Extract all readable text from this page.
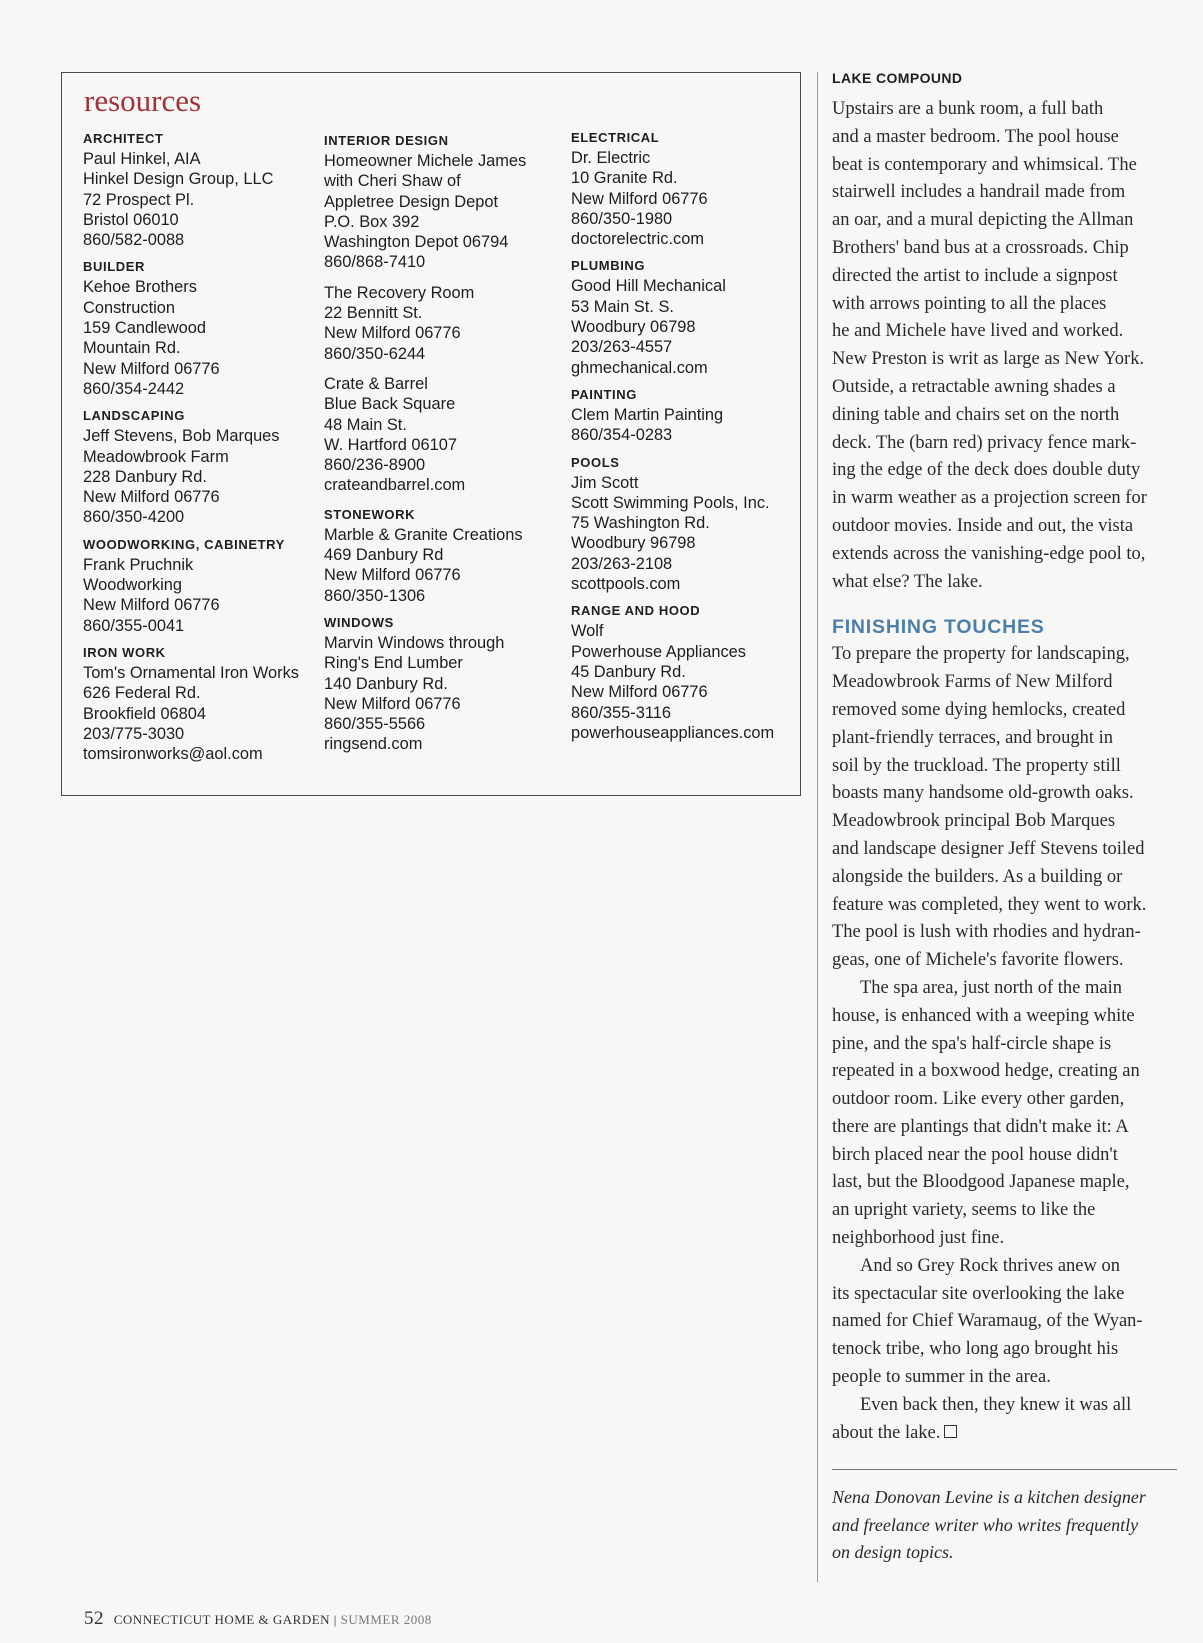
resources
ARCHITECT
Paul Hinkel, AIA
Hinkel Design Group, LLC
72 Prospect Pl.
Bristol 06010
860/582-0088
BUILDER
Kehoe Brothers
Construction
159 Candlewood
Mountain Rd.
New Milford 06776
860/354-2442
LANDSCAPING
Jeff Stevens, Bob Marques
Meadowbrook Farm
228 Danbury Rd.
New Milford 06776
860/350-4200
WOODWORKING, CABINETRY
Frank Pruchnik
Woodworking
New Milford 06776
860/355-0041
IRON WORK
Tom's Ornamental Iron Works
626 Federal Rd.
Brookfield 06804
203/775-3030
tomsironworks@aol.com
INTERIOR DESIGN
Homeowner Michele James
with Cheri Shaw of
Appletree Design Depot
P.O. Box 392
Washington Depot 06794
860/868-7410
The Recovery Room
22 Bennitt St.
New Milford 06776
860/350-6244
Crate & Barrel
Blue Back Square
48 Main St.
W. Hartford 06107
860/236-8900
crateandbarrel.com
STONEWORK
Marble & Granite Creations
469 Danbury Rd
New Milford 06776
860/350-1306
WINDOWS
Marvin Windows through
Ring's End Lumber
140 Danbury Rd.
New Milford 06776
860/355-5566
ringsend.com
ELECTRICAL
Dr. Electric
10 Granite Rd.
New Milford 06776
860/350-1980
doctorelectric.com
PLUMBING
Good Hill Mechanical
53 Main St. S.
Woodbury 06798
203/263-4557
ghmechanical.com
PAINTING
Clem Martin Painting
860/354-0283
POOLS
Jim Scott
Scott Swimming Pools, Inc.
75 Washington Rd.
Woodbury 96798
203/263-2108
scottpools.com
RANGE AND HOOD
Wolf
Powerhouse Appliances
45 Danbury Rd.
New Milford 06776
860/355-3116
powerhouseappliances.com
LAKE COMPOUND
Upstairs are a bunk room, a full bath
and a master bedroom. The pool house
beat is contemporary and whimsical. The
stairwell includes a handrail made from
an oar, and a mural depicting the Allman
Brothers' band bus at a crossroads. Chip
directed the artist to include a signpost
with arrows pointing to all the places
he and Michele have lived and worked.
New Preston is writ as large as New York.
Outside, a retractable awning shades a
dining table and chairs set on the north
deck. The (barn red) privacy fence mark-
ing the edge of the deck does double duty
in warm weather as a projection screen for
outdoor movies. Inside and out, the vista
extends across the vanishing-edge pool to,
what else? The lake.
FINISHING TOUCHES
To prepare the property for landscaping,
Meadowbrook Farms of New Milford
removed some dying hemlocks, created
plant-friendly terraces, and brought in
soil by the truckload. The property still
boasts many handsome old-growth oaks.
Meadowbrook principal Bob Marques
and landscape designer Jeff Stevens toiled
alongside the builders. As a building or
feature was completed, they went to work.
The pool is lush with rhodies and hydran-
geas, one of Michele's favorite flowers.
The spa area, just north of the main
house, is enhanced with a weeping white
pine, and the spa's half-circle shape is
repeated in a boxwood hedge, creating an
outdoor room. Like every other garden,
there are plantings that didn't make it: A
birch placed near the pool house didn't
last, but the Bloodgood Japanese maple,
an upright variety, seems to like the
neighborhood just fine.
And so Grey Rock thrives anew on
its spectacular site overlooking the lake
named for Chief Waramaug, of the Wyan-
tenock tribe, who long ago brought his
people to summer in the area.
Even back then, they knew it was all
about the lake.
Nena Donovan Levine is a kitchen designer
and freelance writer who writes frequently
on design topics.
52 CONNECTICUT HOME & GARDEN | SUMMER 2008
